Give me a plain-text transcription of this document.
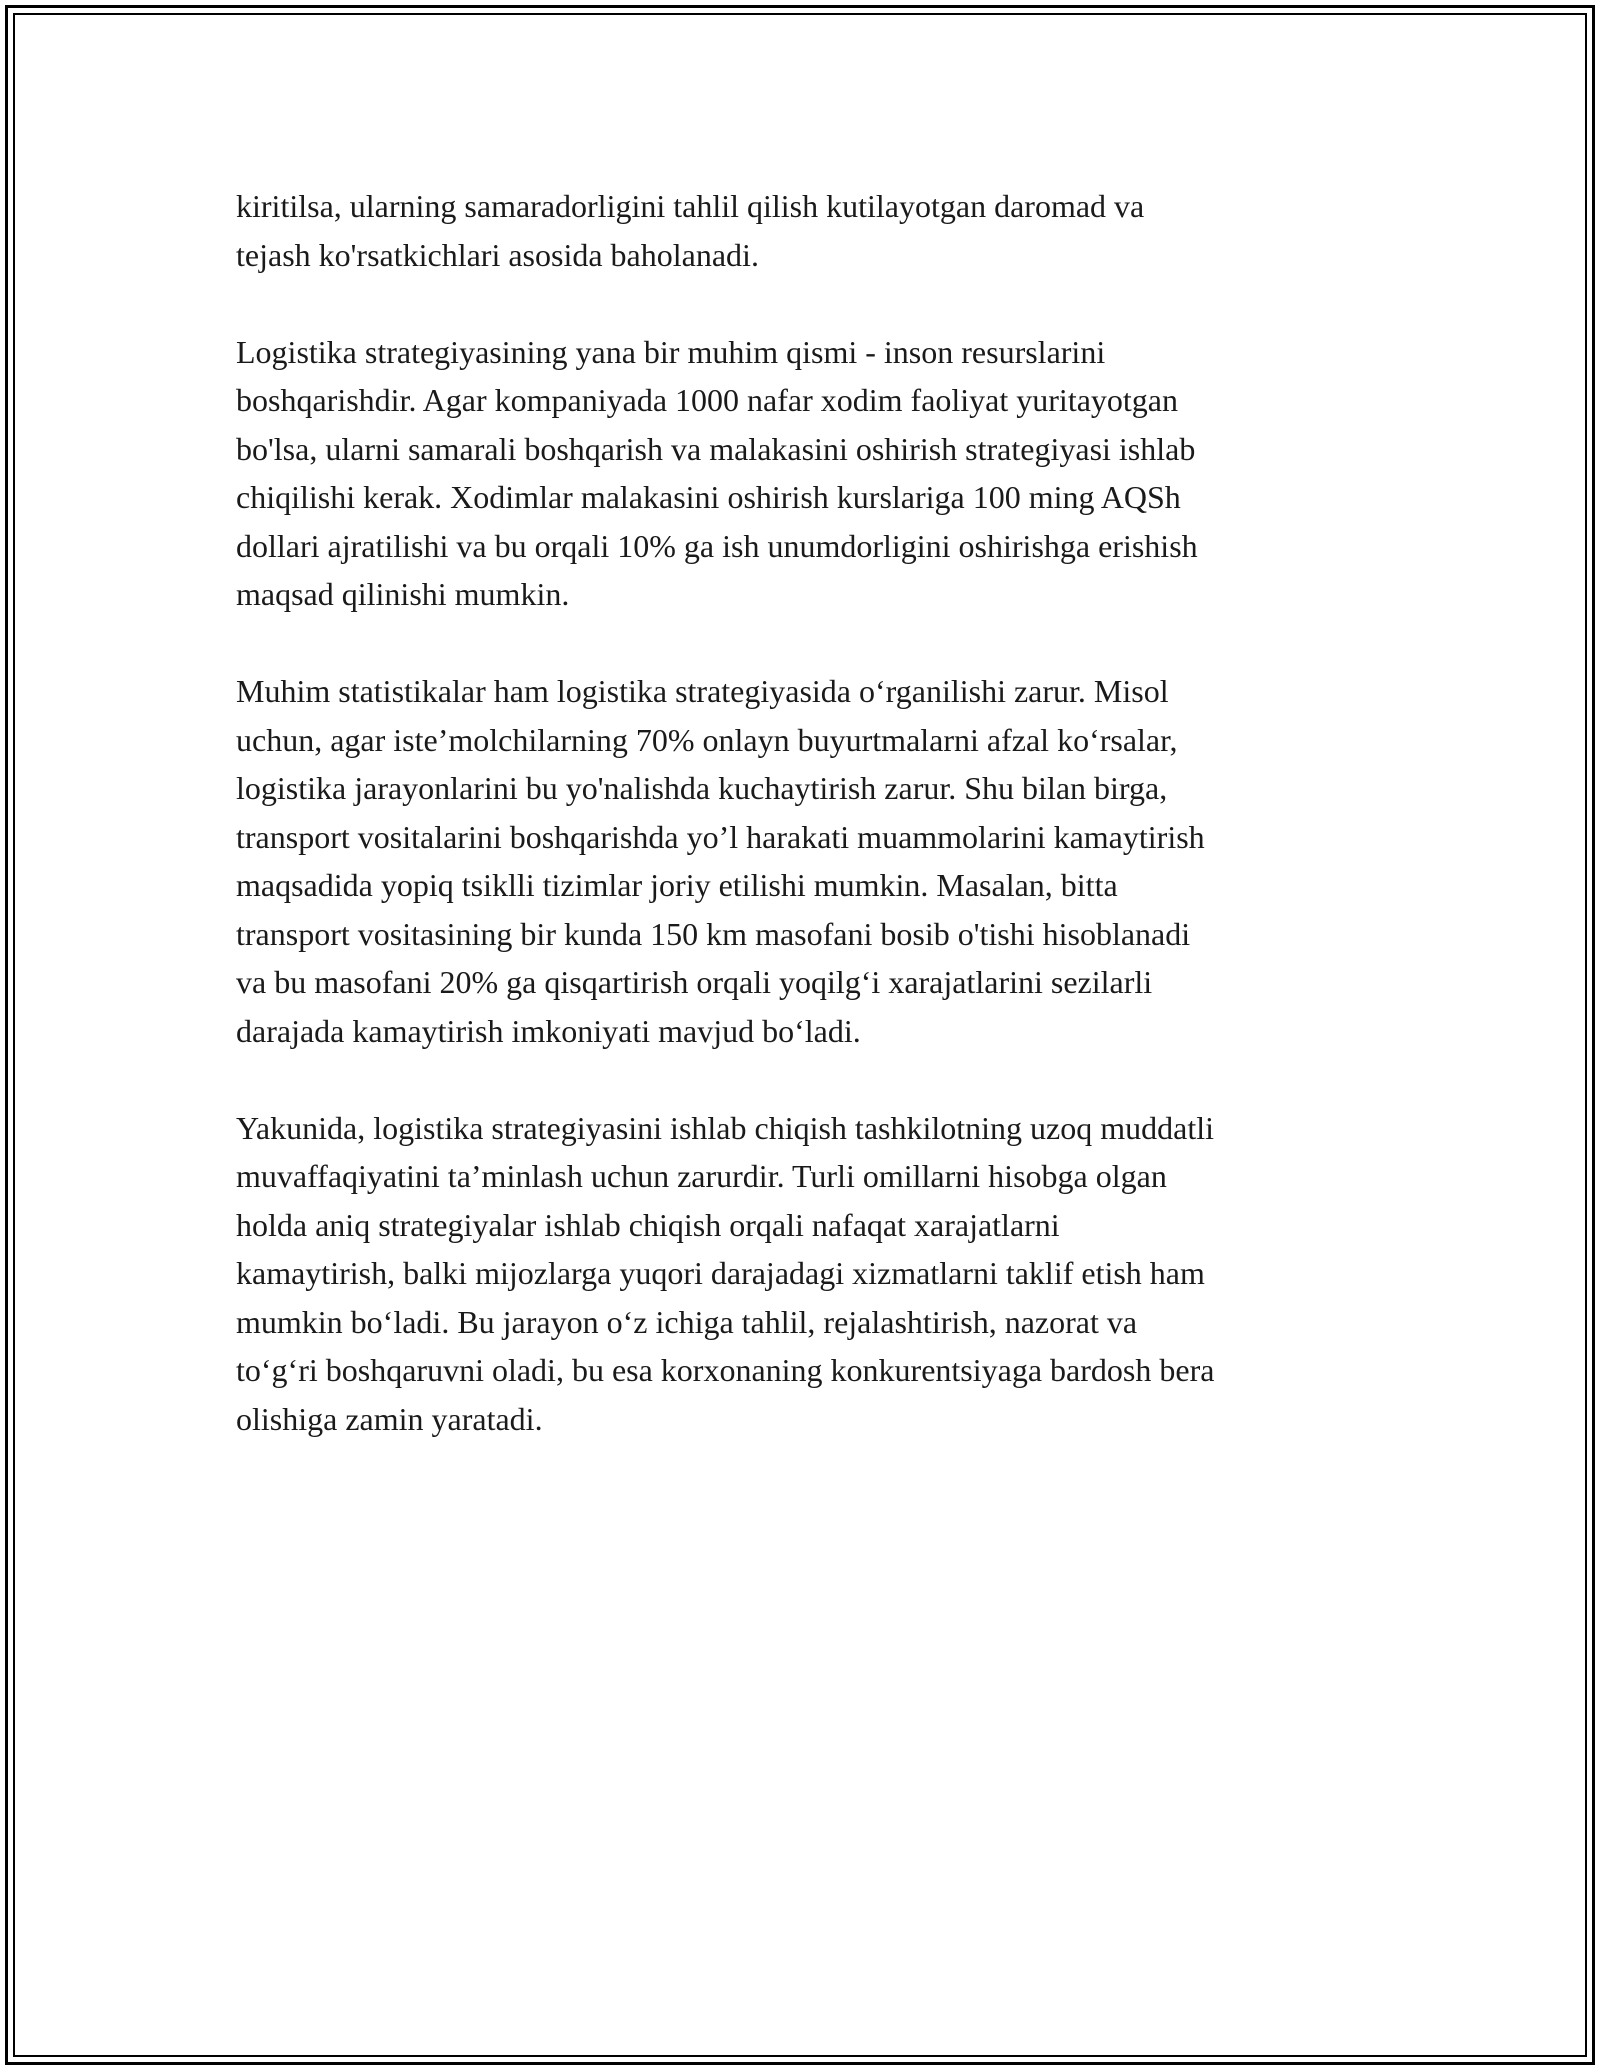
kiritilsa, ularning samaradorligini tahlil qilish kutilayotgan daromad va
tejash ko'rsatkichlari asosida baholanadi.

Logistika strategiyasining yana bir muhim qismi - inson resurslarini
boshqarishdir. Agar kompaniyada 1000 nafar xodim faoliyat yuritayotgan
bo'lsa, ularni samarali boshqarish va malakasini oshirish strategiyasi ishlab
chiqilishi kerak. Xodimlar malakasini oshirish kurslariga 100 ming AQSh
dollari ajratilishi va bu orqali 10% ga ish unumdorligini oshirishga erishish
maqsad qilinishi mumkin.

Muhim statistikalar ham logistika strategiyasida o‘rganilishi zarur. Misol
uchun, agar iste’molchilarning 70% onlayn buyurtmalarni afzal ko‘rsalar,
logistika jarayonlarini bu yo'nalishda kuchaytirish zarur. Shu bilan birga,
transport vositalarini boshqarishda yo’l harakati muammolarini kamaytirish
maqsadida yopiq tsiklli tizimlar joriy etilishi mumkin. Masalan, bitta
transport vositasining bir kunda 150 km masofani bosib o'tishi hisoblanadi
va bu masofani 20% ga qisqartirish orqali yoqilg‘i xarajatlarini sezilarli
darajada kamaytirish imkoniyati mavjud bo‘ladi.

Yakunida, logistika strategiyasini ishlab chiqish tashkilotning uzoq muddatli
muvaffaqiyatini ta’minlash uchun zarurdir. Turli omillarni hisobga olgan
holda aniq strategiyalar ishlab chiqish orqali nafaqat xarajatlarni
kamaytirish, balki mijozlarga yuqori darajadagi xizmatlarni taklif etish ham
mumkin bo‘ladi. Bu jarayon o‘z ichiga tahlil, rejalashtirish, nazorat va
to‘g‘ri boshqaruvni oladi, bu esa korxonaning konkurentsiyaga bardosh bera
olishiga zamin yaratadi.
